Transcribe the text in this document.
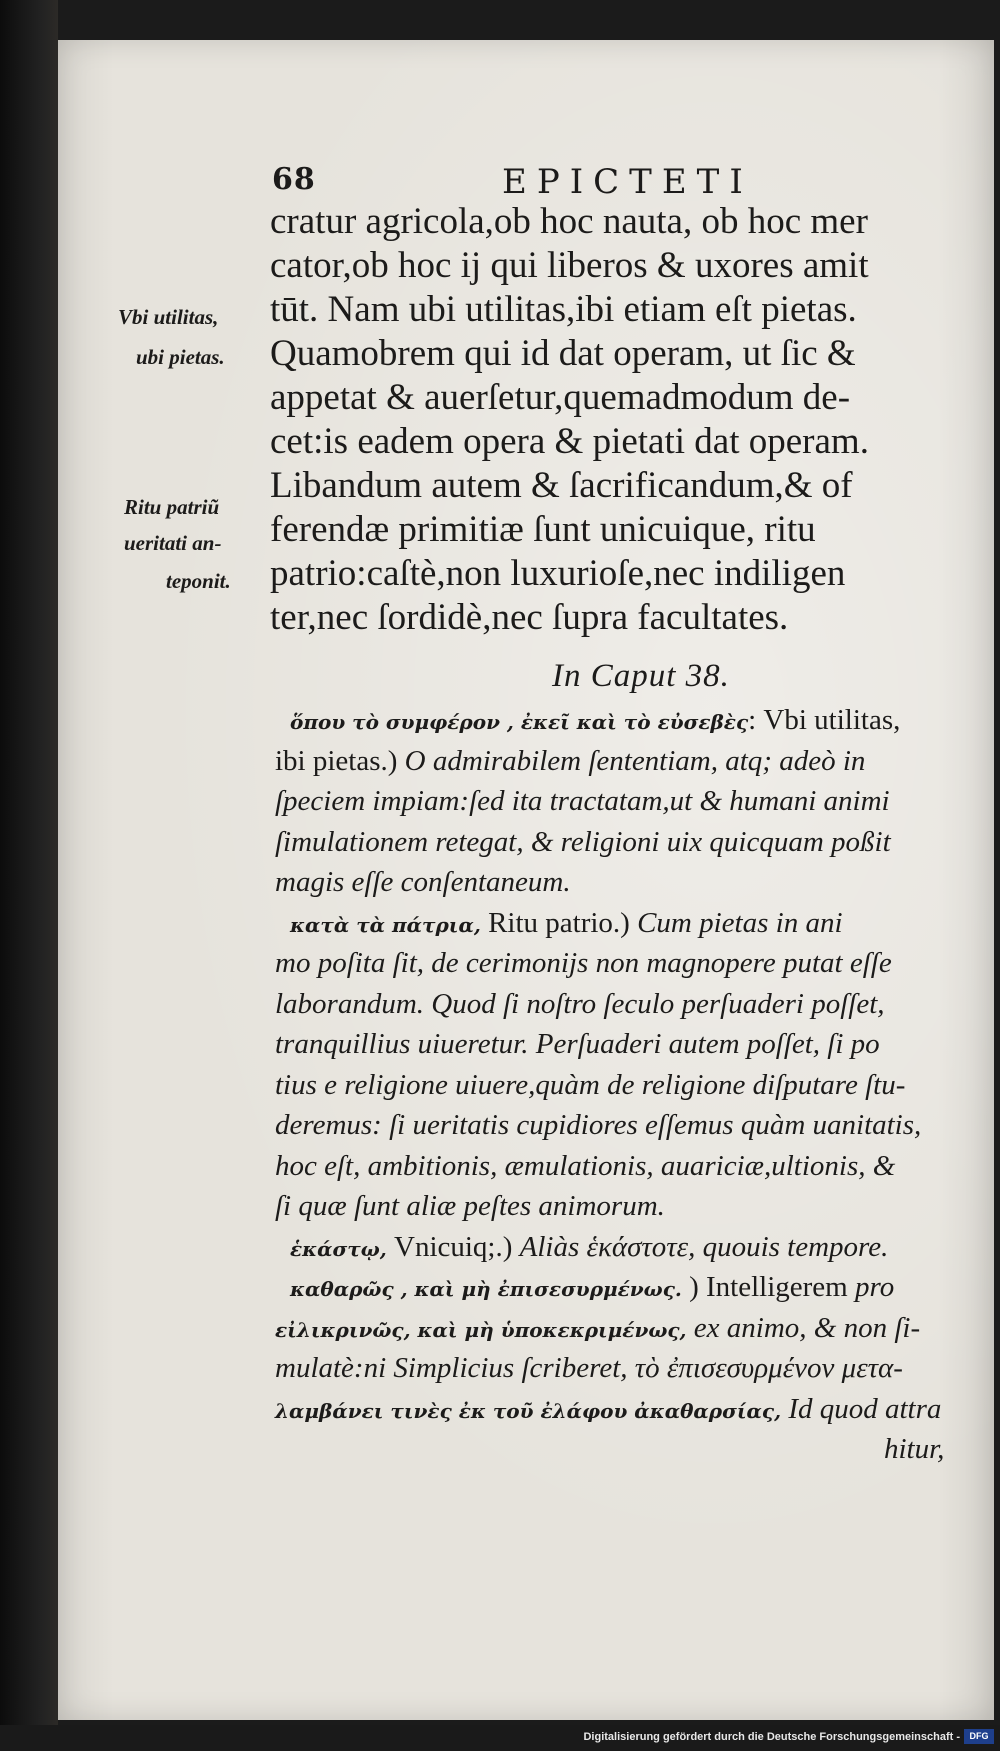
68	EPICTETI
cratur agricola,ob hoc nauta, ob hoc mer
cator,ob hoc ij qui liberos & uxores amit
tūt. Nam ubi utilitas,ibi etiam eſt pietas.
Quamobrem qui id dat operam, ut ſic &
appetat & auerſetur,quemadmodum de-
cet:is eadem opera & pietati dat operam.
Libandum autem & ſacrificandum,& of
ferendæ primitiæ ſunt unicuique, ritu
patrio:caſtè,non luxurioſe,nec indiligen
ter,nec ſordidè,nec ſupra facultates.
Vbi utilitas,
ubi pietas.
Ritu patriũ
ueritati an-
teponit.
In Caput 38.
ὅπου τὸ συμφέρον , ἐκεῖ καὶ τὸ εὐσεβὲς: Vbi utilitas,
ibi pietas.) O admirabilem ſententiam, atq; adeò in
ſpeciem impiam:ſed ita tractatam,ut & humani animi
ſimulationem retegat, & religioni uix quicquam poßit
magis eſſe conſentaneum.
κατὰ τὰ πάτρια, Ritu patrio.) Cum pietas in ani
mo poſita ſit, de cerimonijs non magnopere putat eſſe
laborandum. Quod ſi noſtro ſeculo perſuaderi poſſet,
tranquillius uiueretur. Perſuaderi autem poſſet, ſi po
tius e religione uiuere,quàm de religione diſputare ſtu-
deremus: ſi ueritatis cupidiores eſſemus quàm uanitatis,
hoc eſt, ambitionis, æmulationis, auariciæ,ultionis, &
ſi quæ ſunt aliæ peſtes animorum.
ἑκάστῳ, Vnicuiq;.) Aliàs ἑκάστοτε, quouis tempore.
καθαρῶς , καὶ μὴ ἐπισεσυρμένως. ) Intelligerem pro
εἰλικρινῶς, καὶ μὴ ὑποκεκριμένως, ex animo, & non ſi-
mulatè:ni Simplicius ſcriberet, τὸ ἐπισεσυρμένον μετα-
λαμβάνει τινὲς ἐκ τοῦ ἐλάφου ἀκαθαρσίας, Id quod attra
hitur,
Digitalisierung gefördert durch die Deutsche Forschungsgemeinschaft -	DFG
